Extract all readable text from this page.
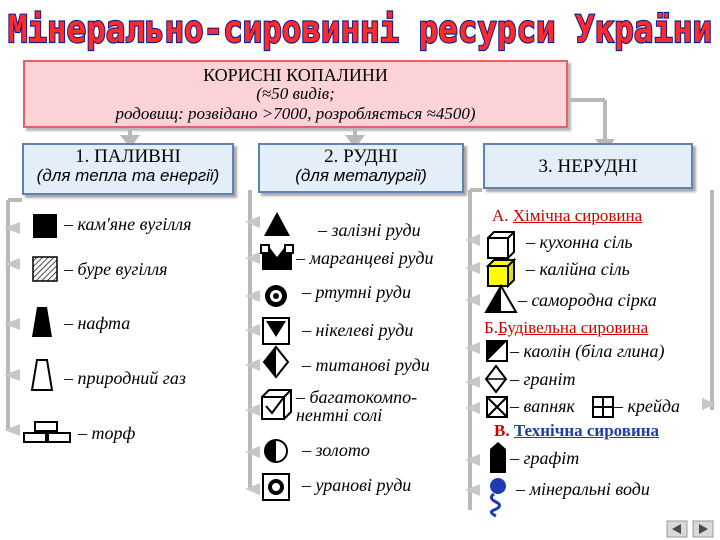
Мінерально-сировинні ресурси України
КОРИСНІ КОПАЛИНИ
(≈50 видів;
родовищ: розвідано >7000, розробляється ≈4500)
1. ПАЛИВНІ
(для тепла та енергії)
2. РУДНІ
(для металургії)	3. НЕРУДНІ
– кам'яне вугілля
– буре вугілля
– нафта
– природний газ
– торф
– залізні руди
– марганцеві руди
– ртутні руди
– нікелеві руди
– титанові руди
– багатокомпо-
нентні солі
– золото
– уранові руди
А. Хімічна сировина
– кухонна сіль
– калійна сіль
– самородна сірка
Б.Будівельна сировина
– каолін (біла глина)
– граніт
– вапняк – крейда
В. Технічна сировина
– графіт
– мінеральні води
